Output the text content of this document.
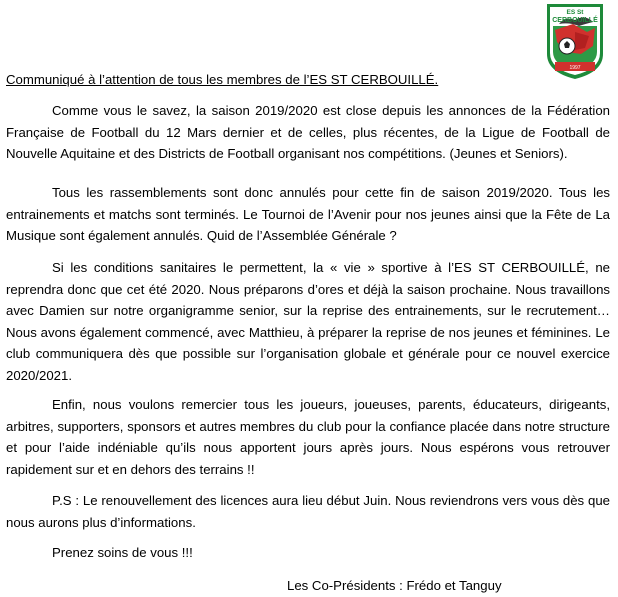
1997
ES St
CERBOUILLÉ
Communiqué à l’attention de tous les membres de l’ES ST CERBOUILLÉ.
Comme vous le savez, la saison 2019/2020 est close depuis les annonces de la Fédération Française de Football du 12 Mars dernier et de celles, plus récentes, de la Ligue de Football de Nouvelle Aquitaine et des Districts de Football organisant nos compétitions. (Jeunes et Seniors).
Tous les rassemblements sont donc annulés pour cette fin de saison 2019/2020. Tous les entrainements et matchs sont terminés. Le Tournoi de l’Avenir pour nos jeunes ainsi que la Fête de La Musique sont également annulés. Quid de l’Assemblée Générale ?
Si les conditions sanitaires le permettent, la « vie » sportive à l’ES ST CERBOUILLÉ, ne reprendra donc que cet été 2020. Nous préparons d’ores et déjà la saison prochaine. Nous travaillons avec Damien sur notre organigramme senior, sur la reprise des entrainements, sur le recrutement… Nous avons également commencé, avec Matthieu, à préparer la reprise de nos jeunes et féminines. Le club communiquera dès que possible sur l’organisation globale et générale pour ce nouvel exercice 2020/2021.
Enfin, nous voulons remercier tous les joueurs, joueuses, parents, éducateurs, dirigeants, arbitres, supporters, sponsors et autres membres du club pour la confiance placée dans notre structure et pour l’aide indéniable qu’ils nous apportent jours après jours. Nous espérons vous retrouver rapidement sur et en dehors des terrains !!
P.S : Le renouvellement des licences aura lieu début Juin. Nous reviendrons vers vous dès que nous aurons plus d’informations.
Prenez soins de vous !!!
Les Co-Présidents : Frédo et Tanguy
